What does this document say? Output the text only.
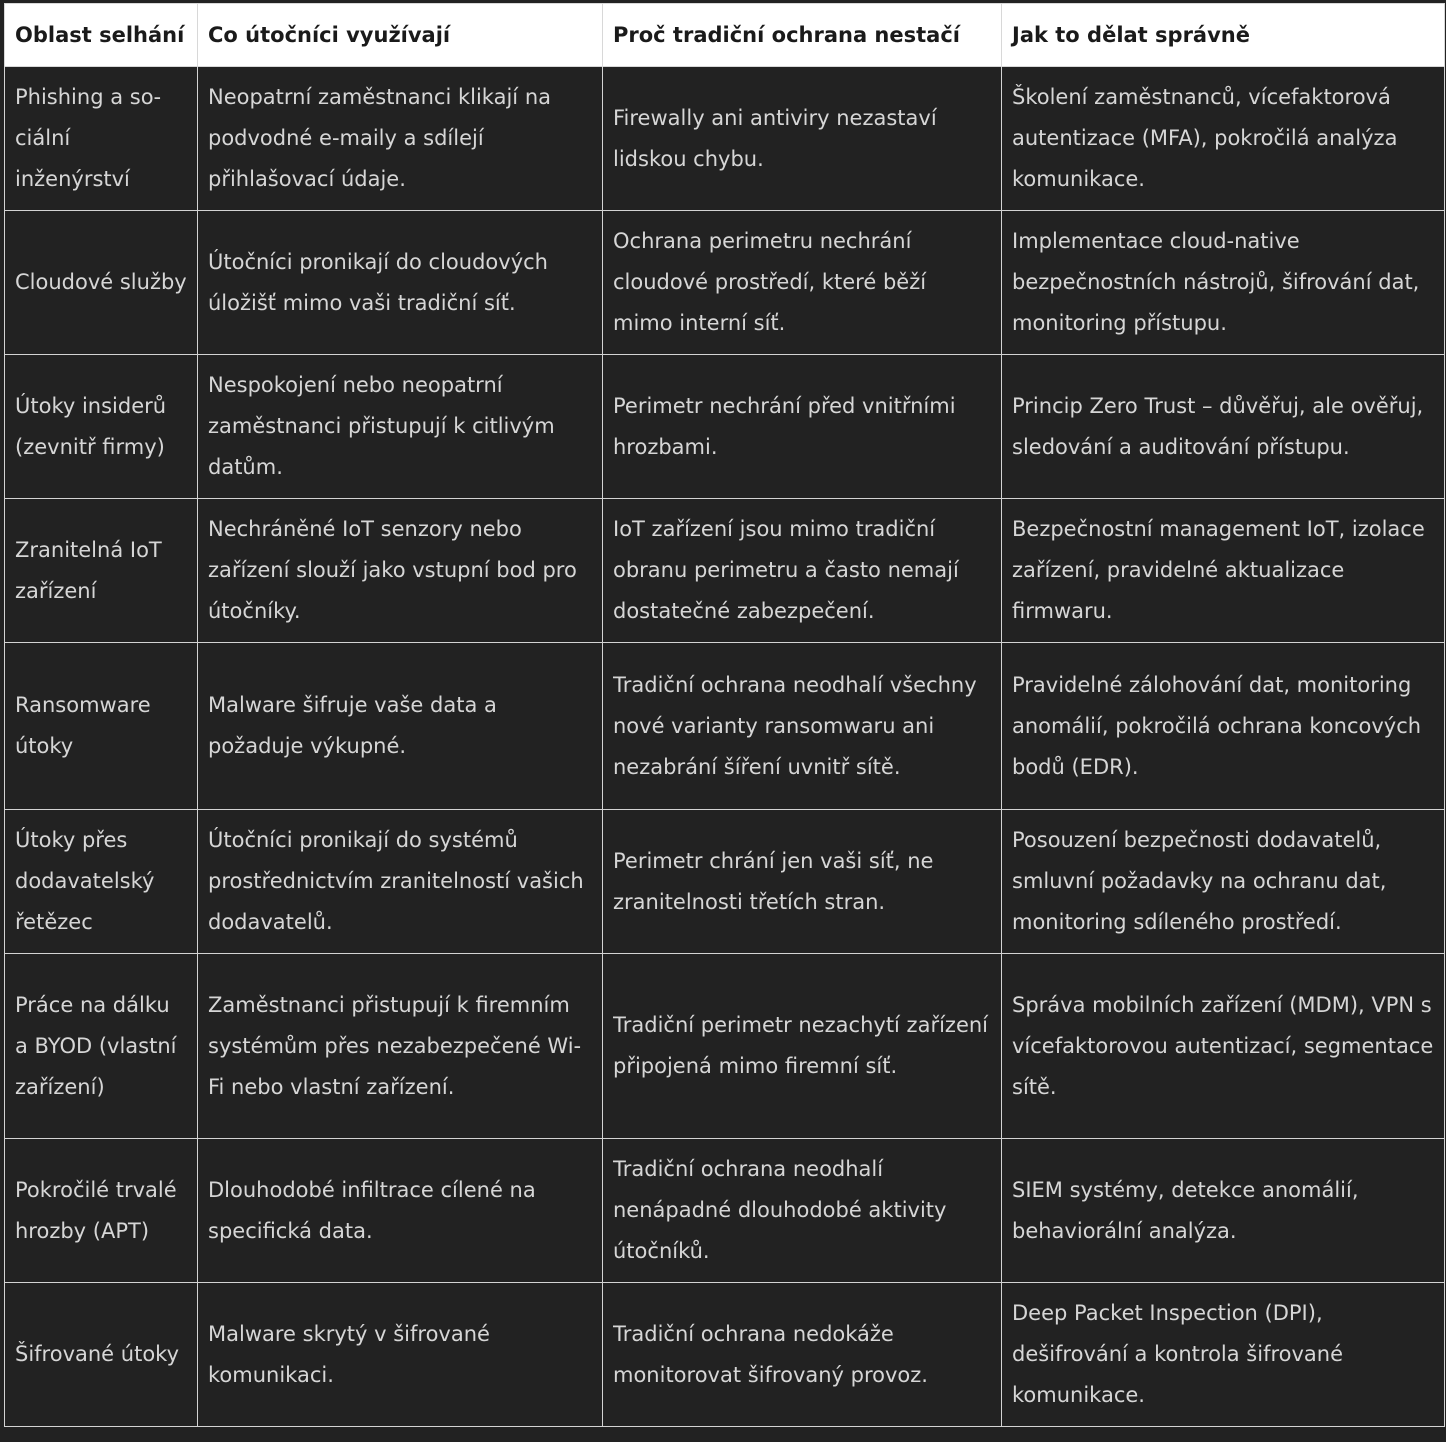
Oblast selhání	Co útočníci využívají	Proč tradiční ochrana nestačí	Jak to dělat správně

Phishing a sociální inženýrství	Neopatrní zaměstnanci klikají na podvodné e-maily a sdílejí přihlašovací údaje.	Firewally ani antiviry nezastaví lidskou chybu.	Školení zaměstnanců, vícefaktorová autentizace (MFA), pokročilá analýza komunikace.

Cloudové služby	Útočníci pronikají do cloudových úložišť mimo vaši tradiční síť.	Ochrana perimetru nechrání cloudové prostředí, které běží mimo interní síť.	Implementace cloud-native bezpečnostních nástrojů, šifrování dat, monitoring přístupu.

Útoky insiderů (zevnitř firmy)	Nespokojení nebo neopatrní zaměstnanci přistupují k citlivým datům.	Perimetr nechrání před vnitřními hrozbami.	Princip Zero Trust – důvěřuj, ale ověřuj, sledování a auditování přístupu.

Zranitelná IoT zařízení	Nechráněné IoT senzory nebo zařízení slouží jako vstupní bod pro útočníky.	IoT zařízení jsou mimo tradiční obranu perimetru a často nemají dostatečné zabezpečení.	Bezpečnostní management IoT, izolace zařízení, pravidelné aktualizace firmwaru.

Ransomware útoky	Malware šifruje vaše data a požaduje výkupné.	Tradiční ochrana neodhalí všechny nové varianty ransomwaru ani nezabrání šíření uvnitř sítě.	Pravidelné zálohování dat, monitoring anomálií, pokročilá ochrana koncových bodů (EDR).

Útoky přes dodavatelský řetězec	Útočníci pronikají do systémů prostřednictvím zranitelností vašich dodavatelů.	Perimetr chrání jen vaši síť, ne zranitelnosti třetích stran.	Posouzení bezpečnosti dodavatelů, smluvní požadavky na ochranu dat, monitoring sdíleného prostředí.

Práce na dálku a BYOD (vlastní zařízení)	Zaměstnanci přistupují k firemním systémům přes nezabezpečené Wi-Fi nebo vlastní zařízení.	Tradiční perimetr nezachytí zařízení připojená mimo firemní síť.	Správa mobilních zařízení (MDM), VPN s vícefaktorovou autentizací, segmentace sítě.

Pokročilé trvalé hrozby (APT)	Dlouhodobé infiltrace cílené na specifická data.	Tradiční ochrana neodhalí nenápadné dlouhodobé aktivity útočníků.	SIEM systémy, detekce anomálií, behaviorální analýza.

Šifrované útoky	Malware skrytý v šifrované komunikaci.	Tradiční ochrana nedokáže monitorovat šifrovaný provoz.	Deep Packet Inspection (DPI), dešifrování a kontrola šifrované komunikace.
